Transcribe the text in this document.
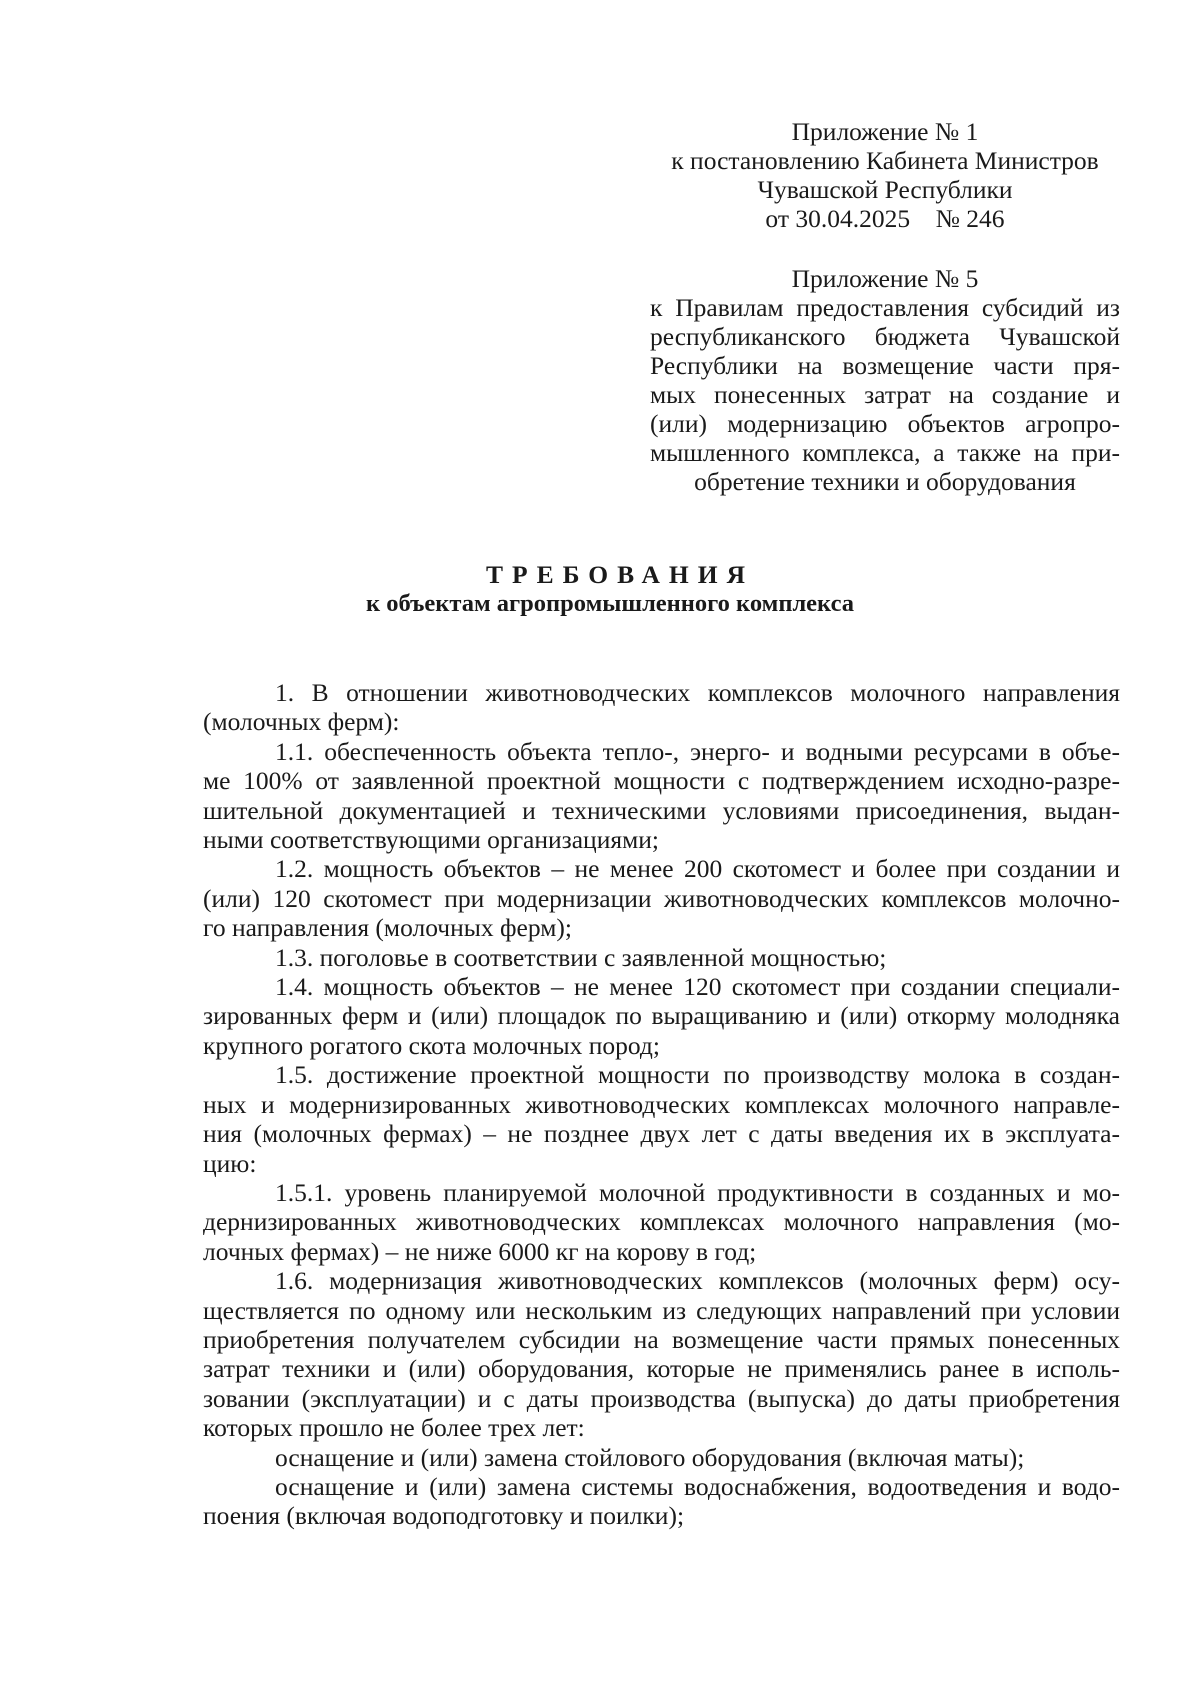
Приложение № 1
к постановлению Кабинета Министров
Чувашской Республики
от 30.04.2025    № 246
Приложение № 5
к Правилам предоставления субсидий из
республиканского бюджета Чувашской
Республики на возмещение части пря-
мых понесенных затрат на создание и
(или) модернизацию объектов агропро-
мышленного комплекса, а также на при-
обретение техники и оборудования
ТРЕБОВАНИЯ
к объектам агропромышленного комплекса
1. В отношении животноводческих комплексов молочного направления
(молочных ферм):
1.1. обеспеченность объекта тепло-, энерго- и водными ресурсами в объе-
ме 100% от заявленной проектной мощности с подтверждением исходно-разре-
шительной документацией и техническими условиями присоединения, выдан-
ными соответствующими организациями;
1.2. мощность объектов – не менее 200 скотомест и более при создании и
(или) 120 скотомест при модернизации животноводческих комплексов молочно-
го направления (молочных ферм);
1.3. поголовье в соответствии с заявленной мощностью;
1.4. мощность объектов – не менее 120 скотомест при создании специали-
зированных ферм и (или) площадок по выращиванию и (или) откорму молодняка
крупного рогатого скота молочных пород;
1.5. достижение проектной мощности по производству молока в создан-
ных и модернизированных животноводческих комплексах молочного направле-
ния (молочных фермах) – не позднее двух лет с даты введения их в эксплуата-
цию:
1.5.1. уровень планируемой молочной продуктивности в созданных и мо-
дернизированных животноводческих комплексах молочного направления (мо-
лочных фермах) – не ниже 6000 кг на корову в год;
1.6. модернизация животноводческих комплексов (молочных ферм) осу-
ществляется по одному или нескольким из следующих направлений при условии
приобретения получателем субсидии на возмещение части прямых понесенных
затрат техники и (или) оборудования, которые не применялись ранее в исполь-
зовании (эксплуатации) и с даты производства (выпуска) до даты приобретения
которых прошло не более трех лет:
оснащение и (или) замена стойлового оборудования (включая маты);
оснащение и (или) замена системы водоснабжения, водоотведения и водо-
поения (включая водоподготовку и поилки);
